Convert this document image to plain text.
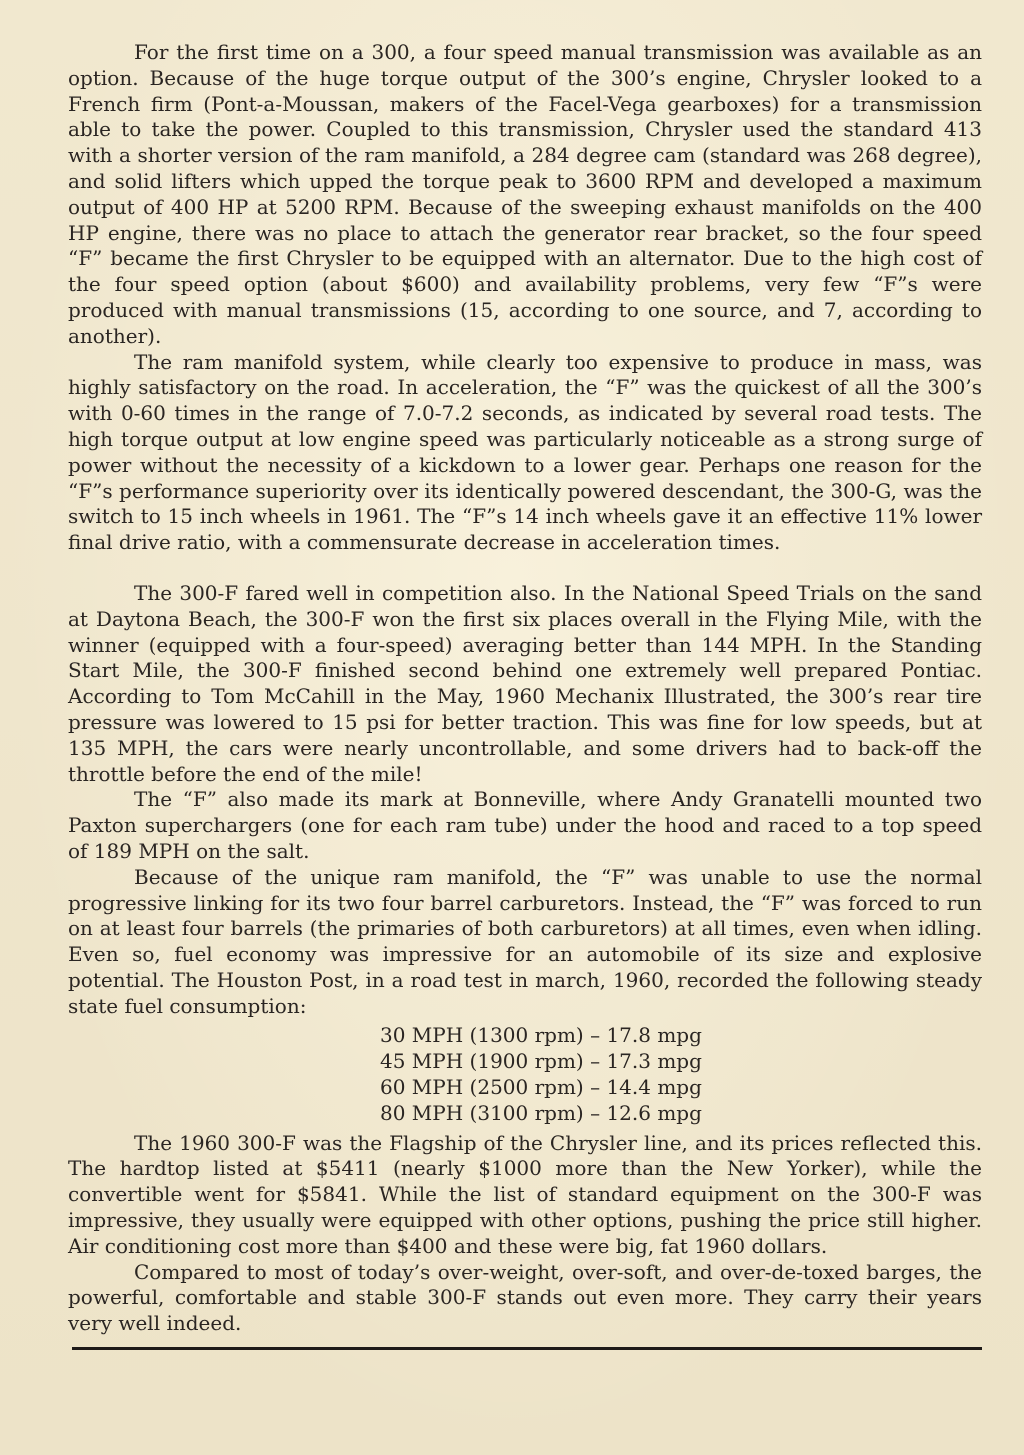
For the first time on a 300, a four speed manual transmission was available as an option. Because of the huge torque output of the 300’s engine, Chrysler looked to a French firm (Pont-a-Moussan, makers of the Facel-Vega gearboxes) for a transmission able to take the power. Coupled to this transmission, Chrysler used the standard 413 with a shorter version of the ram manifold, a 284 degree cam (standard was 268 degree), and solid lifters which upped the torque peak to 3600 RPM and developed a maximum output of 400 HP at 5200 RPM. Because of the sweeping exhaust manifolds on the 400 HP engine, there was no place to attach the generator rear bracket, so the four speed “F” became the first Chrysler to be equipped with an alternator. Due to the high cost of the four speed option (about $600) and availability problems, very few “F”s were produced with manual transmissions (15, according to one source, and 7, according to another).

The ram manifold system, while clearly too expensive to produce in mass, was highly satisfactory on the road. In acceleration, the “F” was the quickest of all the 300’s with 0-60 times in the range of 7.0-7.2 seconds, as indicated by several road tests. The high torque output at low engine speed was particularly noticeable as a strong surge of power without the necessity of a kickdown to a lower gear. Perhaps one reason for the “F”s performance superiority over its identically powered descendant, the 300-G, was the switch to 15 inch wheels in 1961. The “F”s 14 inch wheels gave it an effective 11% lower final drive ratio, with a commensurate decrease in acceleration times.

The 300-F fared well in competition also. In the National Speed Trials on the sand at Daytona Beach, the 300-F won the first six places overall in the Flying Mile, with the winner (equipped with a four-speed) averaging better than 144 MPH. In the Standing Start Mile, the 300-F finished second behind one extremely well prepared Pontiac. According to Tom McCahill in the May, 1960 Mechanix Illustrated, the 300’s rear tire pressure was lowered to 15 psi for better traction. This was fine for low speeds, but at 135 MPH, the cars were nearly uncontrollable, and some drivers had to back-off the throttle before the end of the mile!

The “F” also made its mark at Bonneville, where Andy Granatelli mounted two Paxton superchargers (one for each ram tube) under the hood and raced to a top speed of 189 MPH on the salt.

Because of the unique ram manifold, the “F” was unable to use the normal progressive linking for its two four barrel carburetors. Instead, the “F” was forced to run on at least four barrels (the primaries of both carburetors) at all times, even when idling. Even so, fuel economy was impressive for an automobile of its size and explosive potential. The Houston Post, in a road test in march, 1960, recorded the following steady state fuel consumption:

30 MPH (1300 rpm) – 17.8 mpg
45 MPH (1900 rpm) – 17.3 mpg
60 MPH (2500 rpm) – 14.4 mpg
80 MPH (3100 rpm) – 12.6 mpg

The 1960 300-F was the Flagship of the Chrysler line, and its prices reflected this. The hardtop listed at $5411 (nearly $1000 more than the New Yorker), while the convertible went for $5841. While the list of standard equipment on the 300-F was impressive, they usually were equipped with other options, pushing the price still higher. Air conditioning cost more than $400 and these were big, fat 1960 dollars.

Compared to most of today’s over-weight, over-soft, and over-de-toxed barges, the powerful, comfortable and stable 300-F stands out even more. They carry their years very well indeed.
